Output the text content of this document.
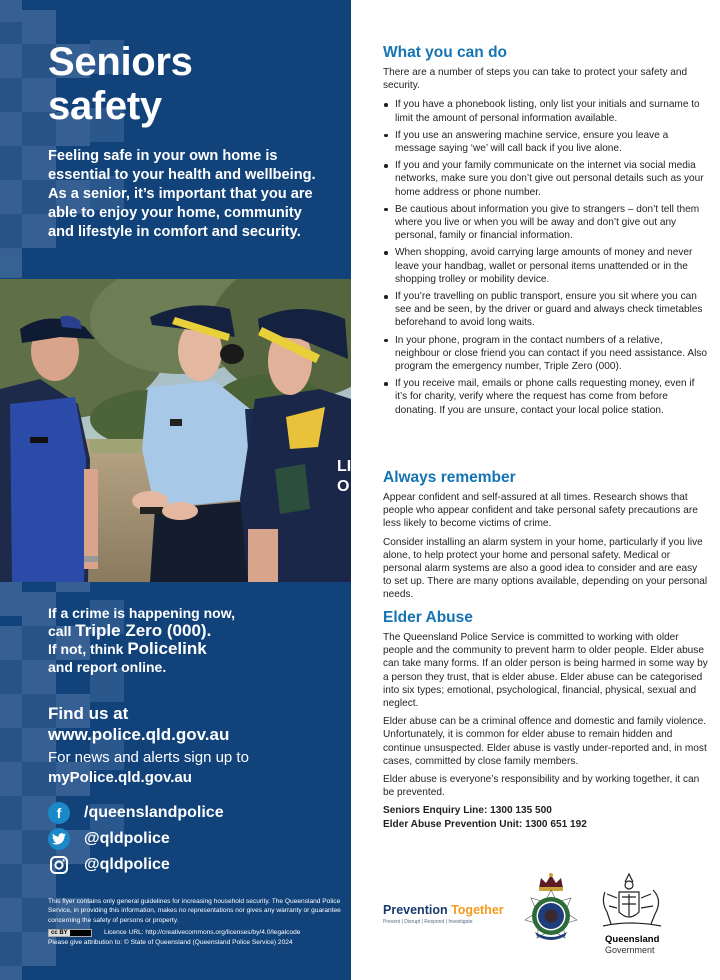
Seniors
safety
Feeling safe in your own home is essential to your health and wellbeing. As a senior, it’s important that you are able to enjoy your home, community and lifestyle in comfort and security.
LI
O
If a crime is happening now,
call Triple Zero (000).
If not, think Policelink
and report online.
Find us at
www.police.qld.gov.au
For news and alerts sign up to
myPolice.qld.gov.au
f	/queenslandpolice
@qldpolice
@qldpolice
This flyer contains only general guidelines for increasing household security. The Queensland Police Service, in providing this information, makes no representations nor gives any warranty or guarantee concerning the safety of persons or property.
cc BY	Licence URL: http://creativecommons.org/licenses/by/4.0/legalcode
Please give attribution to: © State of Queensland (Queensland Police Service) 2024
What you can do
There are a number of steps you can take to protect your safety and security.
If you have a phonebook listing, only list your initials and surname to limit the amount of personal information available.
If you use an answering machine service, ensure you leave a message saying ‘we’ will call back if you live alone.
If you and your family communicate on the internet via social media networks, make sure you don’t give out personal details such as your home address or phone number.
Be cautious about information you give to strangers – don’t tell them where you live or when you will be away and don’t give out any personal, family or financial information.
When shopping, avoid carrying large amounts of money and never leave your handbag, wallet or personal items unattended or in the shopping trolley or mobility device.
If you’re travelling on public transport, ensure you sit where you can see and be seen, by the driver or guard and always check timetables beforehand to avoid long waits.
In your phone, program in the contact numbers of a relative, neighbour or close friend you can contact if you need assistance. Also program the emergency number, Triple Zero (000).
If you receive mail, emails or phone calls requesting money, even if it’s for charity, verify where the request has come from before donating. If you are unsure, contact your local police station.
Always remember
Appear confident and self-assured at all times. Research shows that people who appear confident and take personal safety precautions are less likely to become victims of crime.
Consider installing an alarm system in your home, particularly if you live alone, to help protect your home and personal safety. Medical or personal alarm systems are also a good idea to consider and are easy to set up. There are many options available, depending on your personal needs.
Elder Abuse
The Queensland Police Service is committed to working with older people and the community to prevent harm to older people. Elder abuse can take many forms. If an older person is being harmed in some way by a person they trust, that is elder abuse. Elder abuse can be categorised into six types; emotional, psychological, financial, physical, sexual and neglect.
Elder abuse can be a criminal offence and domestic and family violence. Unfortunately, it is common for elder abuse to remain hidden and continue unsuspected. Elder abuse is vastly under-reported and, in most cases, committed by close family members.
Elder abuse is everyone’s responsibility and by working together, it can be prevented.
Seniors Enquiry Line: 1300 135 500
Elder Abuse Prevention Unit: 1300 651 192
Prevention Together
Prevent | Disrupt | Respond | Investigate
Queensland
Government
